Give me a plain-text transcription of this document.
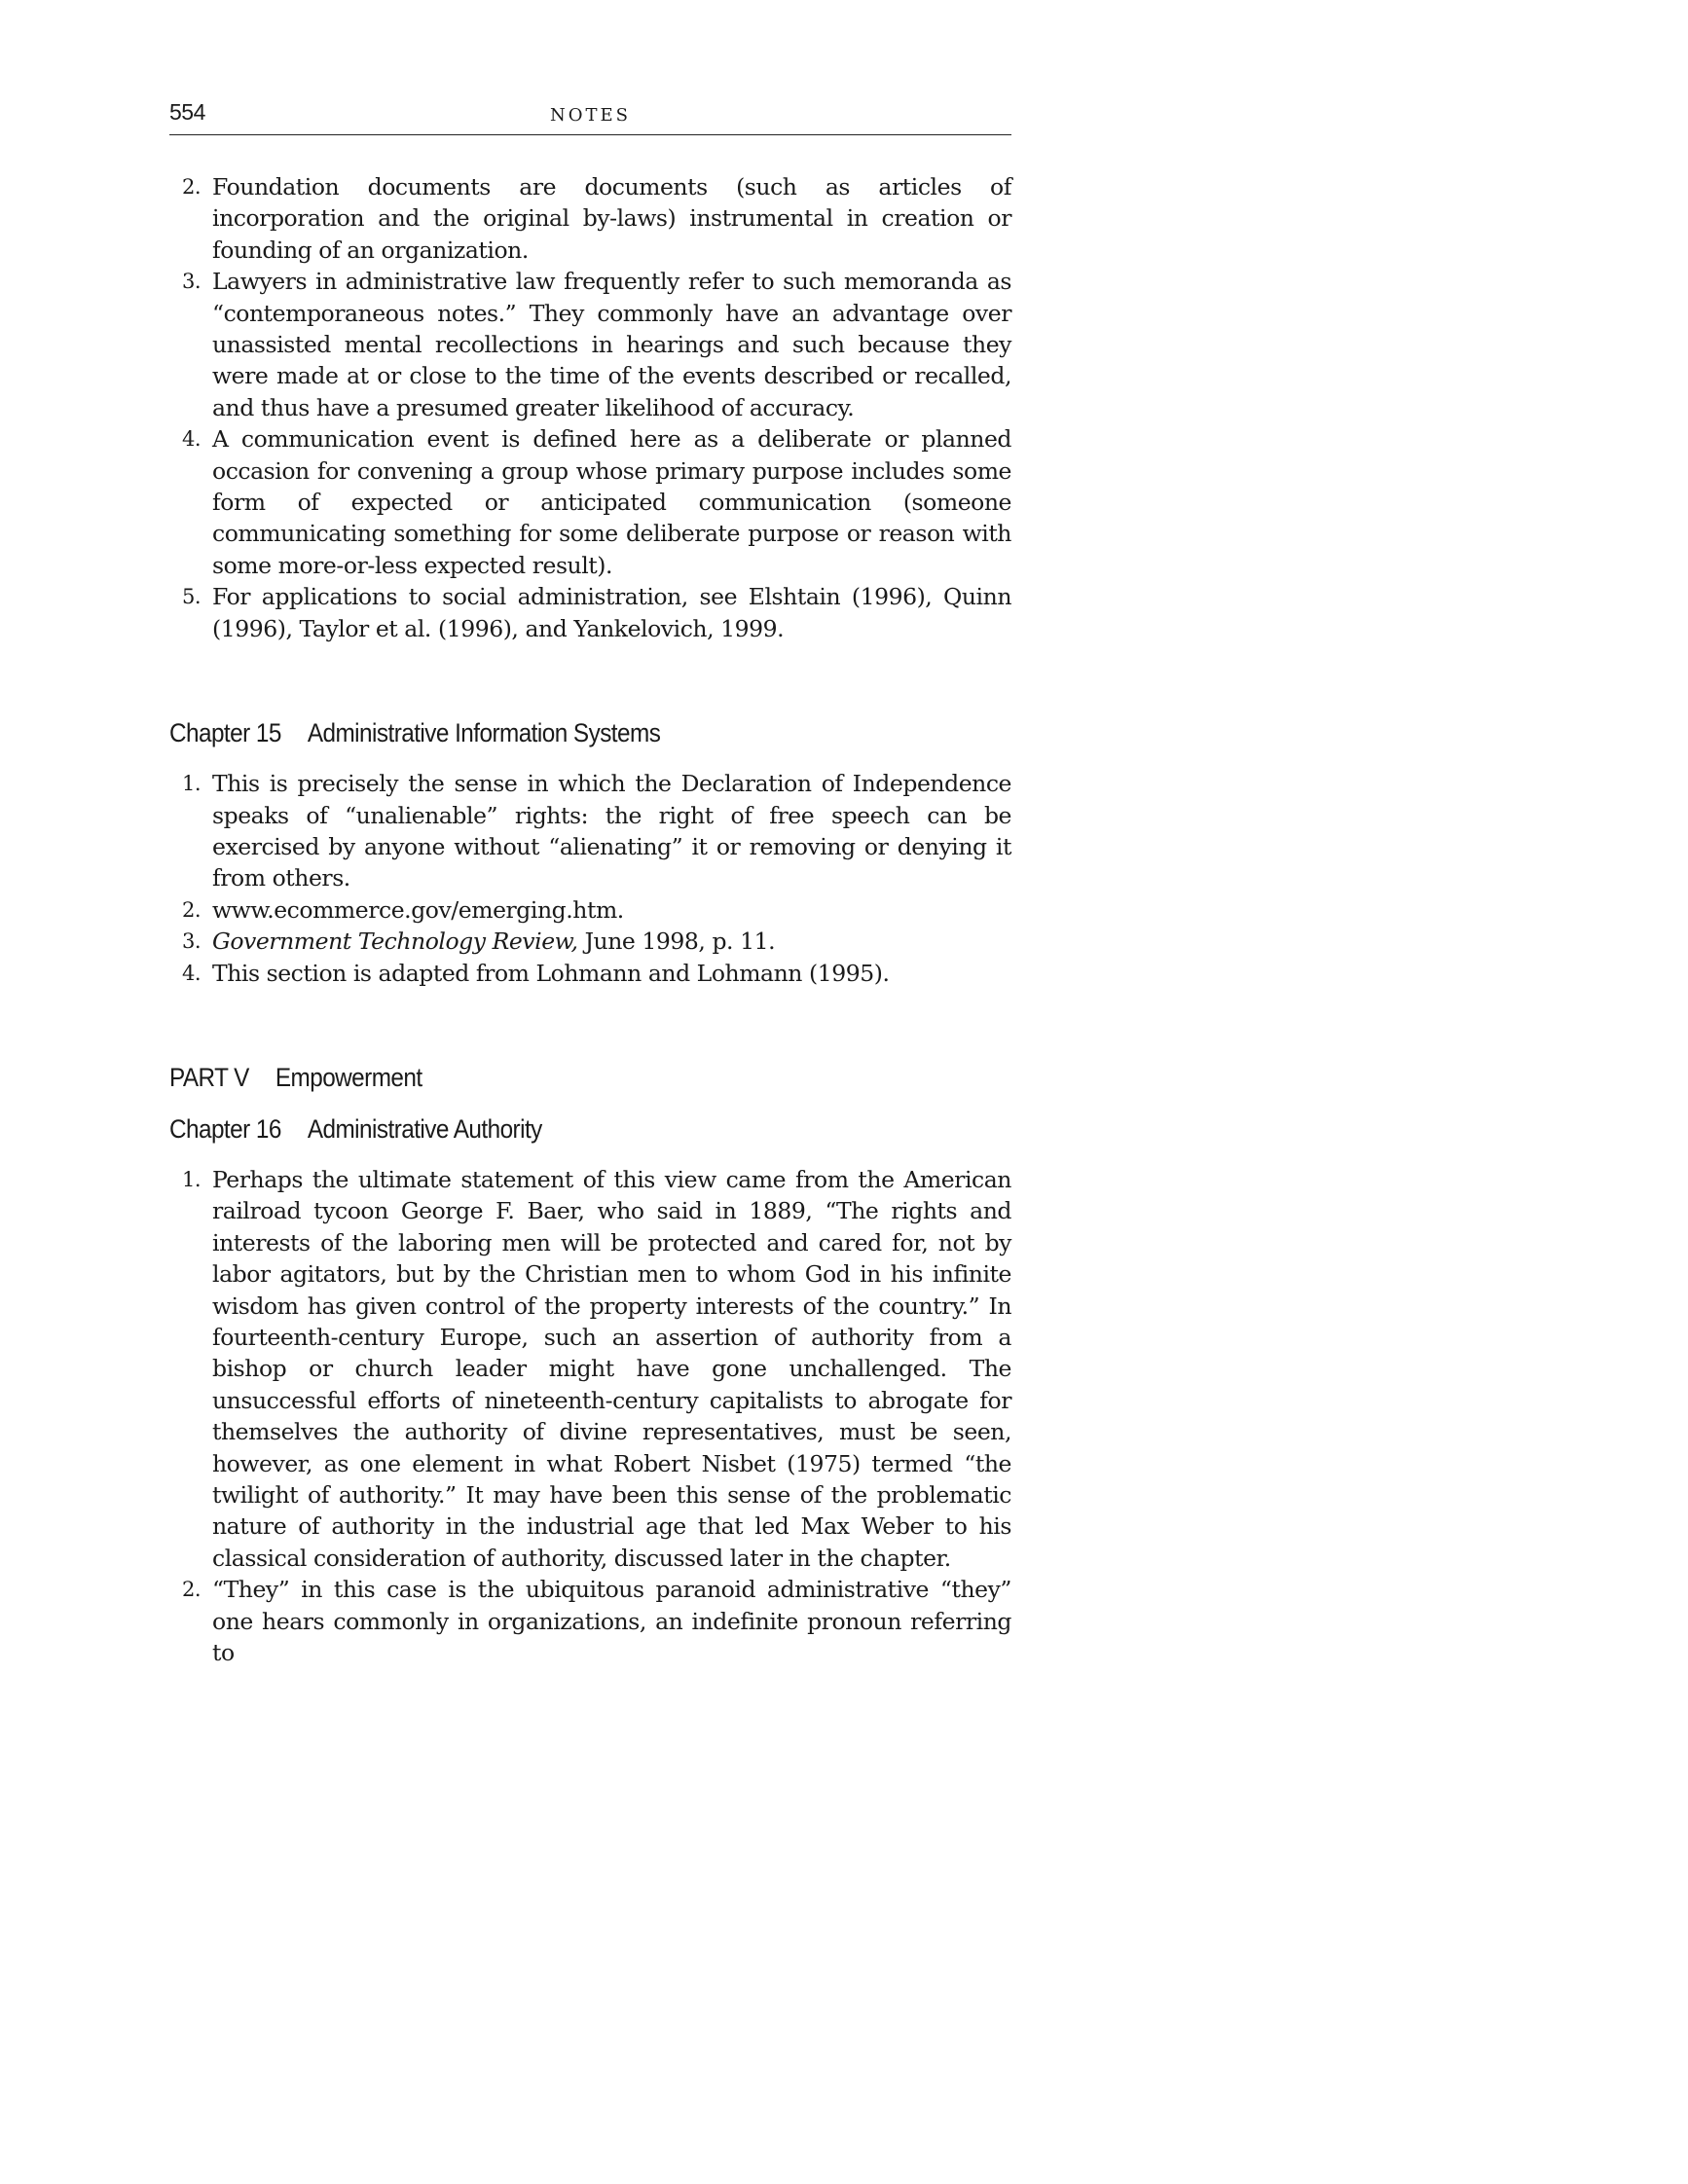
554	NOTES
2. Foundation documents are documents (such as articles of incorporation and the original by-laws) instrumental in creation or founding of an organization.
3. Lawyers in administrative law frequently refer to such memoranda as “contemporaneous notes.” They commonly have an advantage over unassisted mental recollections in hearings and such because they were made at or close to the time of the events described or recalled, and thus have a presumed greater likelihood of accuracy.
4. A communication event is defined here as a deliberate or planned occasion for convening a group whose primary purpose includes some form of expected or anticipated communication (someone communicating something for some deliberate purpose or reason with some more-or-less expected result).
5. For applications to social administration, see Elshtain (1996), Quinn (1996), Taylor et al. (1996), and Yankelovich, 1999.
Chapter 15 Administrative Information Systems
1. This is precisely the sense in which the Declaration of Independence speaks of “unalienable” rights: the right of free speech can be exercised by anyone without “alienating” it or removing or denying it from others.
2. www.ecommerce.gov/emerging.htm.
3. Government Technology Review, June 1998, p. 11.
4. This section is adapted from Lohmann and Lohmann (1995).
PART V Empowerment
Chapter 16 Administrative Authority
1. Perhaps the ultimate statement of this view came from the American railroad tycoon George F. Baer, who said in 1889, “The rights and interests of the laboring men will be protected and cared for, not by labor agitators, but by the Christian men to whom God in his infinite wisdom has given control of the property interests of the country.” In fourteenth-century Europe, such an assertion of authority from a bishop or church leader might have gone unchallenged. The unsuccessful efforts of nineteenth-century capitalists to abrogate for themselves the authority of divine representatives, must be seen, however, as one element in what Robert Nisbet (1975) termed “the twilight of authority.” It may have been this sense of the problematic nature of authority in the industrial age that led Max Weber to his classical consideration of authority, discussed later in the chapter.
2. “They” in this case is the ubiquitous paranoid administrative “they” one hears commonly in organizations, an indefinite pronoun referring to
